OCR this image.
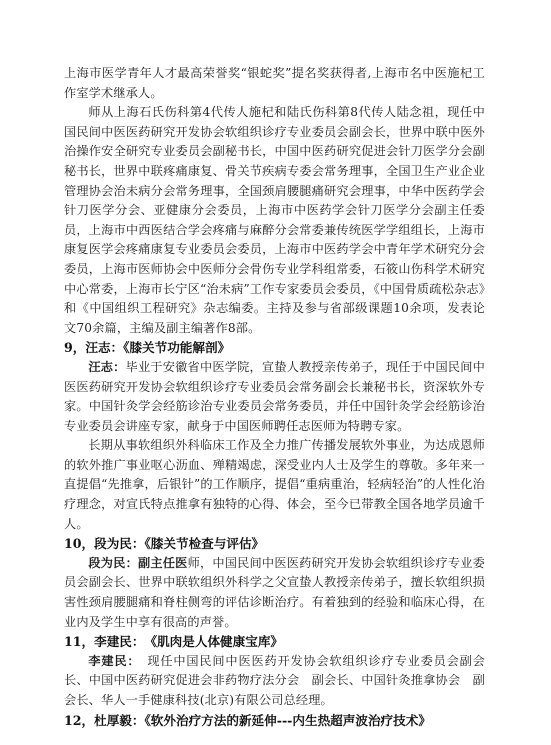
上海市医学青年人才最高荣誉奖“银蛇奖”提名奖获得者,上海市名中医施杞工作室学术继承人。

师从上海石氏伤科第4代传人施杞和陆氏伤科第8代传人陆念祖，现任中国民间中医医药研究开发协会软组织诊疗专业委员会副会长，世界中联中医外治操作安全研究专业委员会副秘书长，中国中医药研究促进会针刀医学分会副秘书长，世界中联疼痛康复、骨关节疾病专委会常务理事，全国卫生产业企业管理协会治未病分会常务理事，全国颈肩腰腿痛研究会理事，中华中医药学会针刀医学分会、亚健康分会委员，上海市中医药学会针刀医学分会副主任委员，上海市中西医结合学会疼痛与麻醉分会常委兼传统医学学组组长，上海市康复医学会疼痛康复专业委员会委员，上海市中医药学会中青年学术研究分会委员，上海市医师协会中医师分会骨伤专业学科组常委，石筱山伤科学术研究中心常委，上海市长宁区“治未病”工作专家委员会委员，《中国骨质疏松杂志》和《中国组织工程研究》杂志编委。主持及参与省部级课题10余项，发表论文70余篇，主编及副主编著作8部。

9，汪志：《膝关节功能解剖》

汪志：毕业于安徽省中医学院，宣蛰人教授亲传弟子，现任于中国民间中医医药研究开发协会软组织诊疗专业委员会常务副会长兼秘书长，资深软外专家。中国针灸学会经筋诊治专业委员会常务委员，并任中国针灸学会经筋诊治专业委员会讲座专家，献身于中国医师聘任志医师为特聘专家。

长期从事软组织外科临床工作及全力推广传播发展软外事业，为达成恩师的软外推广事业呕心沥血、殚精竭虑，深受业内人士及学生的尊敬。多年来一直提倡“先推拿，后银针”的工作顺序，提倡“重病重治，轻病轻治”的人性化治疗理念，对宣氏特点推拿有独特的心得、体会，至今已带教全国各地学员逾千人。

10，段为民：《膝关节检查与评估》

段为民：副主任医师，中国民间中医医药研究开发协会软组织诊疗专业委员会副会长、世界中联软组织外科学之父宣蛰人教授亲传弟子，擅长软组织损害性颈肩腰腿痛和脊柱侧弯的评估诊断治疗。有着独到的经验和临床心得，在业内及学生中享有很高的声誉。

11，李建民：　《肌肉是人体健康宝库》

李建民：　现任中国民间中医医药开发协会软组织诊疗专业委员会副会长、中国中医药研究促进会非药物疗法分会　副会长、中国针灸推拿协会　副会长、华人一手健康科技(北京)有限公司总经理。

12，杜厚毅：《软外治疗方法的新延伸---内生热超声波治疗技术》
